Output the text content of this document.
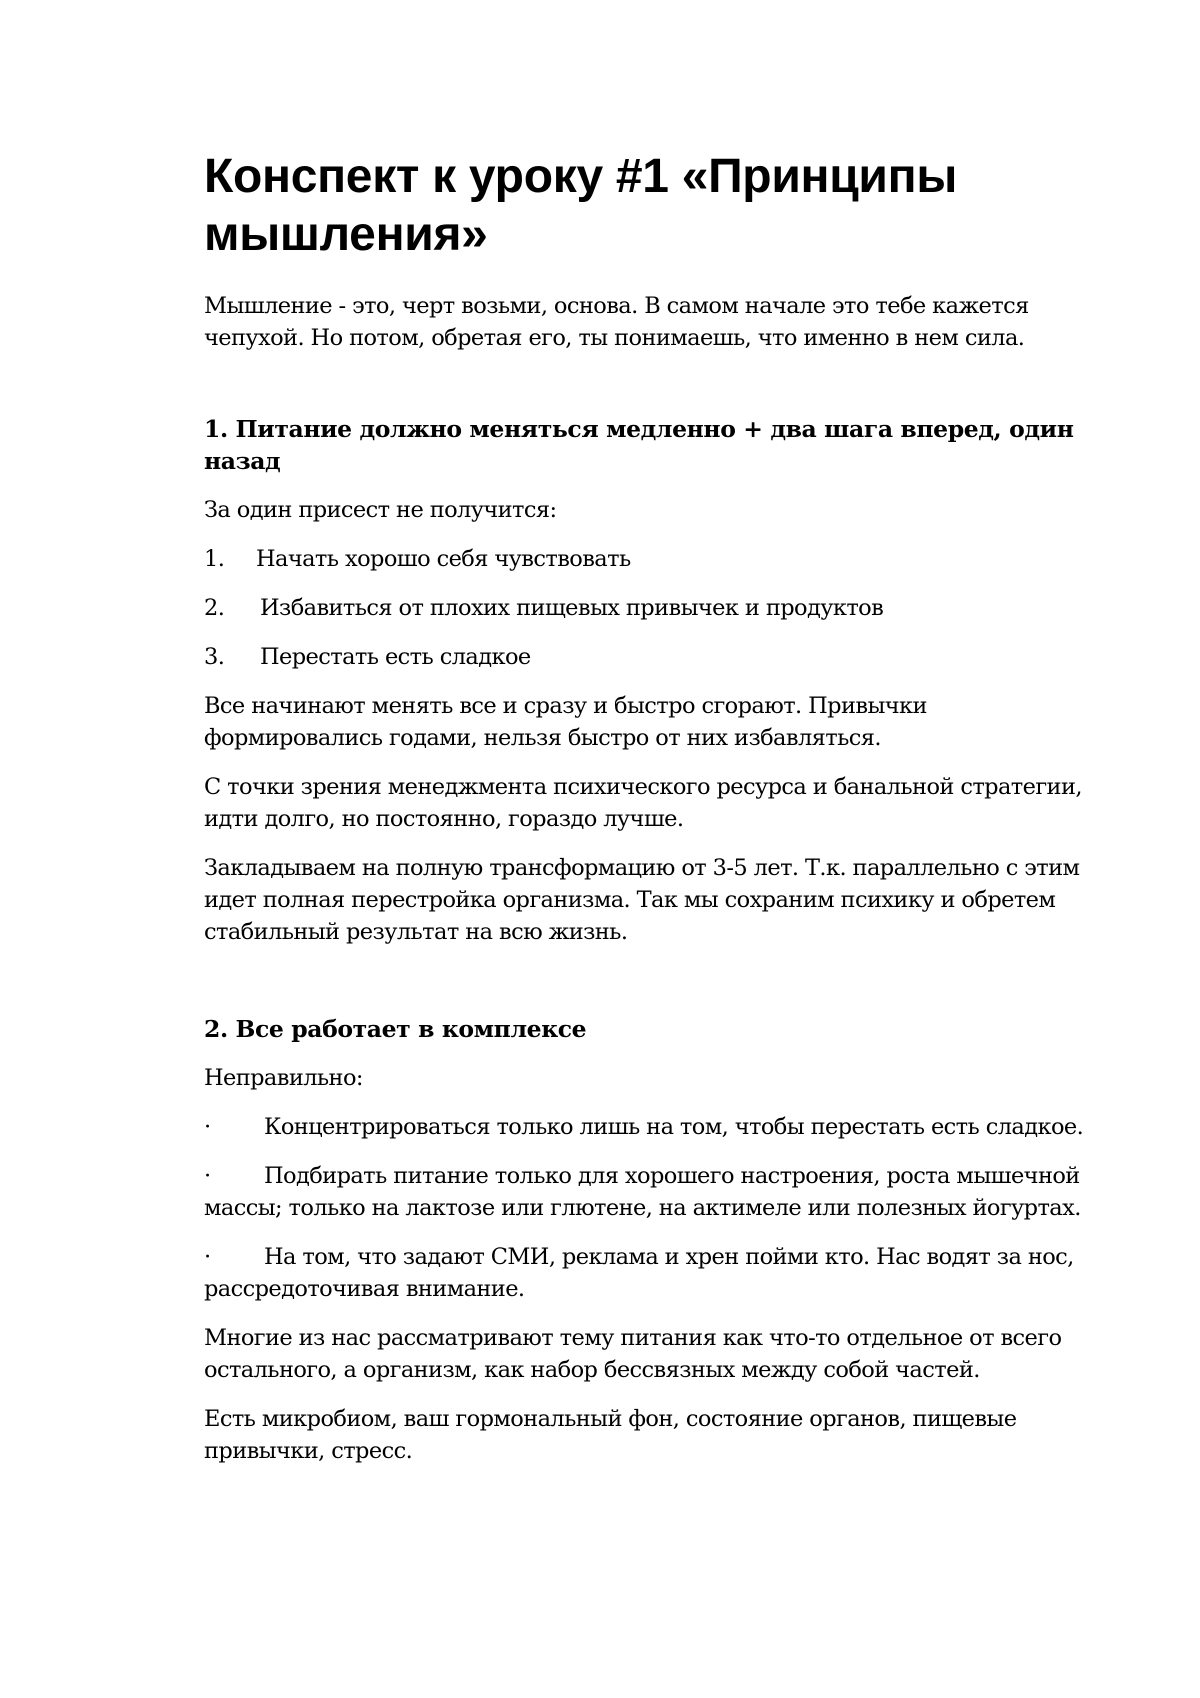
Конспект к уроку #1 «Принципы мышления»

Мышление - это, черт возьми, основа. В самом начале это тебе кажется чепухой. Но потом, обретая его, ты понимаешь, что именно в нем сила.

1. Питание должно меняться медленно + два шага вперед, один назад

За один присест не получится:

1.	Начать хорошо себя чувствовать
2.	Избавиться от плохих пищевых привычек и продуктов
3.	Перестать есть сладкое

Все начинают менять все и сразу и быстро сгорают. Привычки формировались годами, нельзя быстро от них избавляться.

С точки зрения менеджмента психического ресурса и банальной стратегии, идти долго, но постоянно, гораздо лучше.

Закладываем на полную трансформацию от 3-5 лет. Т.к. параллельно с этим идет полная перестройка организма. Так мы сохраним психику и обретем стабильный результат на всю жизнь.

2. Все работает в комплексе

Неправильно:

· Концентрироваться только лишь на том, чтобы перестать есть сладкое.
· Подбирать питание только для хорошего настроения, роста мышечной массы; только на лактозе или глютене, на актимеле или полезных йогуртах.
· На том, что задают СМИ, реклама и хрен пойми кто. Нас водят за нос, рассредоточивая внимание.

Многие из нас рассматривают тему питания как что-то отдельное от всего остального, а организм, как набор бессвязных между собой частей.

Есть микробиом, ваш гормональный фон, состояние органов, пищевые привычки, стресс.
